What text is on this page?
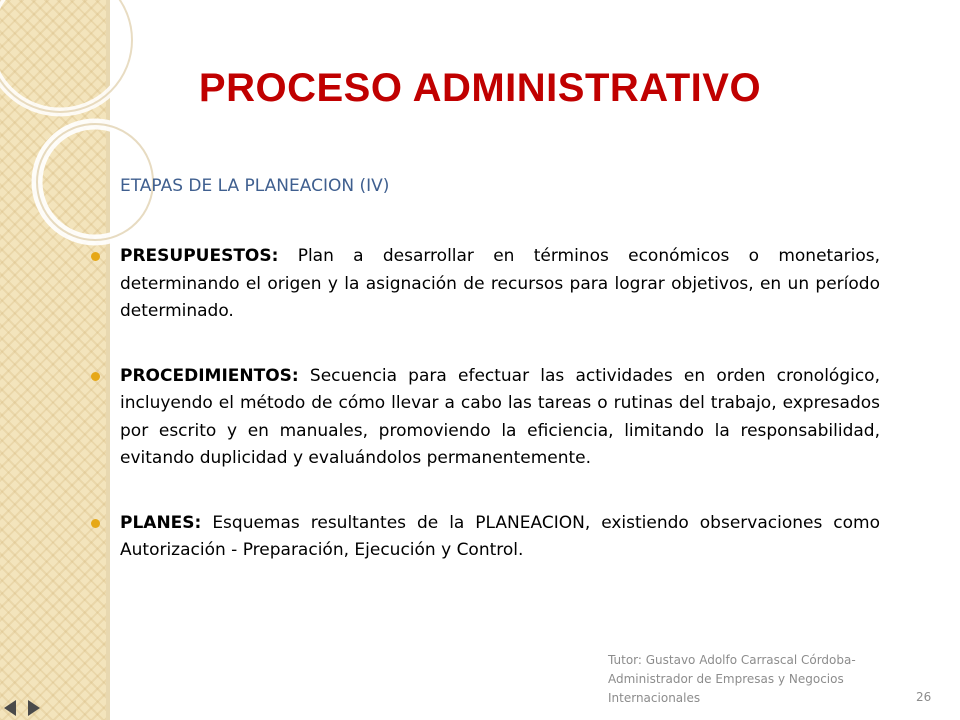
PROCESO ADMINISTRATIVO

ETAPAS DE LA PLANEACION (IV)

PRESUPUESTOS: Plan a desarrollar en términos económicos o monetarios, determinando el origen y la asignación de recursos para lograr objetivos, en un período determinado.
PROCEDIMIENTOS: Secuencia para efectuar las actividades en orden cronológico, incluyendo el método de cómo llevar a cabo las tareas o rutinas del trabajo, expresados por escrito y en manuales, promoviendo la eficiencia, limitando la responsabilidad, evitando duplicidad y evaluándolos permanentemente.
PLANES: Esquemas resultantes de la PLANEACION, existiendo observaciones como Autorización - Preparación, Ejecución y Control.
Tutor: Gustavo Adolfo Carrascal Córdoba-
Administrador de Empresas y Negocios
Internacionales	26
